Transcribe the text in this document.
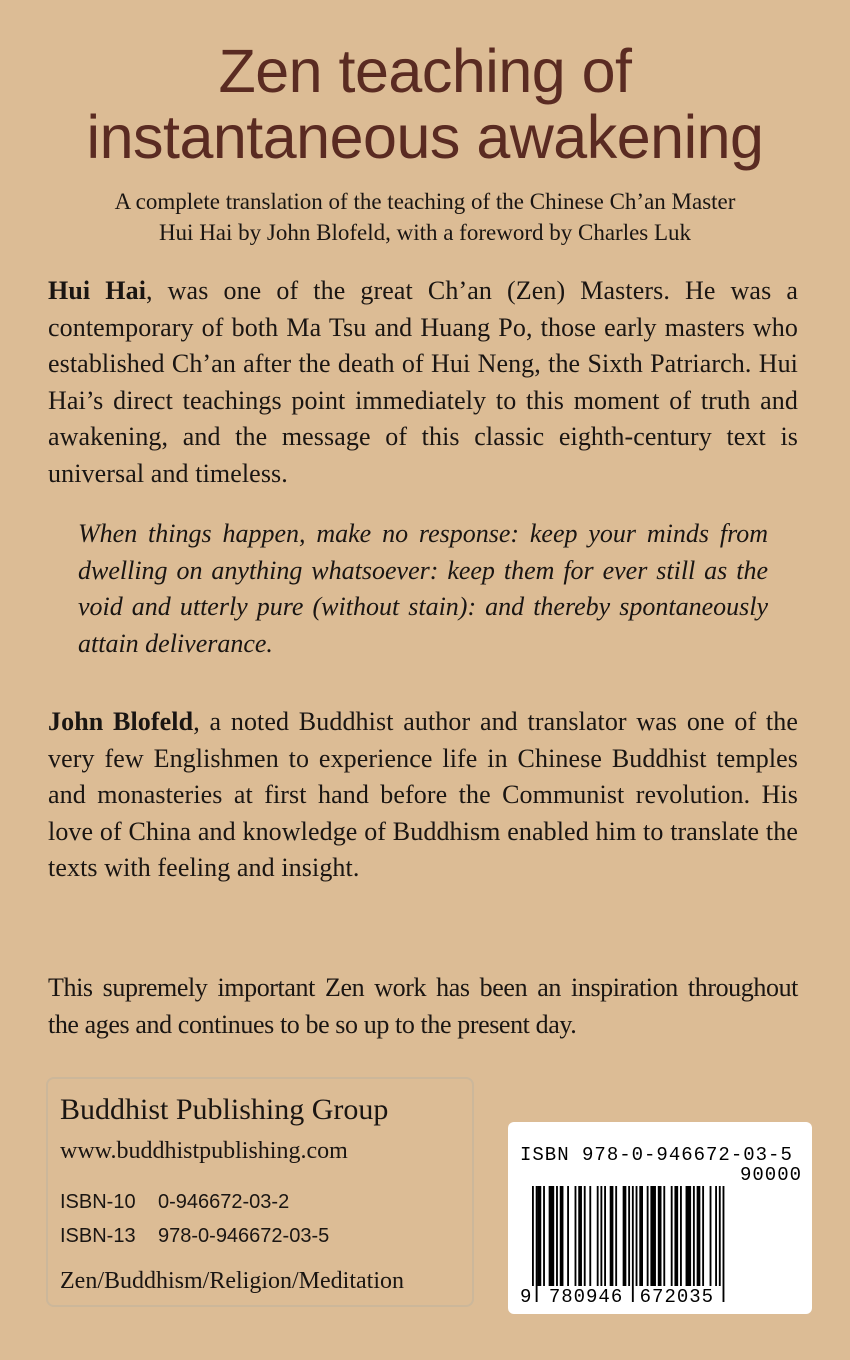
Zen teaching of
instantaneous awakening
A complete translation of the teaching of the Chinese Ch’an Master
Hui Hai by John Blofeld, with a foreword by Charles Luk
Hui Hai, was one of the great Ch’an (Zen) Masters. He was a contemporary of both Ma Tsu and Huang Po, those early masters who established Ch’an after the death of Hui Neng, the Sixth Patriarch. Hui Hai’s direct teachings point immediately to this moment of truth and awakening, and the message of this classic eighth-century text is universal and timeless.
When things happen, make no response: keep your minds from dwelling on anything whatsoever: keep them for ever still as the void and utterly pure (without stain): and thereby spontaneously attain deliverance.
John Blofeld, a noted Buddhist author and translator was one of the very few Englishmen to experience life in Chinese Buddhist temples and monasteries at first hand before the Communist revolution. His love of China and knowledge of Buddhism enabled him to translate the texts with feeling and insight.
This supremely important Zen work has been an inspiration throughout the ages and continues to be so up to the present day.
Buddhist Publishing Group
www.buddhistpublishing.com
ISBN-10 0-946672-03-2
ISBN-13 978-0-946672-03-5
Zen/Buddhism/Religion/Meditation
ISBN 978-0-946672-03-5
90000
9 780946 672035
